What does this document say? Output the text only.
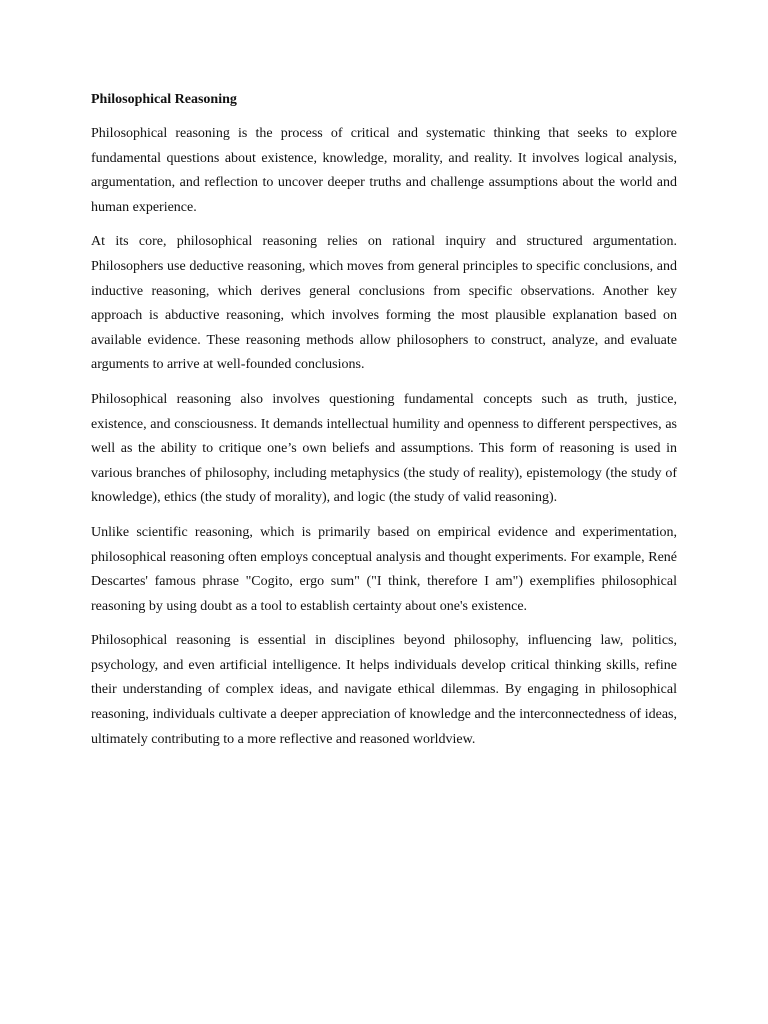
Philosophical Reasoning

Philosophical reasoning is the process of critical and systematic thinking that seeks to explore fundamental questions about existence, knowledge, morality, and reality. It involves logical analysis, argumentation, and reflection to uncover deeper truths and challenge assumptions about the world and human experience.

At its core, philosophical reasoning relies on rational inquiry and structured argumentation. Philosophers use deductive reasoning, which moves from general principles to specific conclusions, and inductive reasoning, which derives general conclusions from specific observations. Another key approach is abductive reasoning, which involves forming the most plausible explanation based on available evidence. These reasoning methods allow philosophers to construct, analyze, and evaluate arguments to arrive at well-founded conclusions.

Philosophical reasoning also involves questioning fundamental concepts such as truth, justice, existence, and consciousness. It demands intellectual humility and openness to different perspectives, as well as the ability to critique one’s own beliefs and assumptions. This form of reasoning is used in various branches of philosophy, including metaphysics (the study of reality), epistemology (the study of knowledge), ethics (the study of morality), and logic (the study of valid reasoning).

Unlike scientific reasoning, which is primarily based on empirical evidence and experimentation, philosophical reasoning often employs conceptual analysis and thought experiments. For example, René Descartes' famous phrase "Cogito, ergo sum" ("I think, therefore I am") exemplifies philosophical reasoning by using doubt as a tool to establish certainty about one's existence.

Philosophical reasoning is essential in disciplines beyond philosophy, influencing law, politics, psychology, and even artificial intelligence. It helps individuals develop critical thinking skills, refine their understanding of complex ideas, and navigate ethical dilemmas. By engaging in philosophical reasoning, individuals cultivate a deeper appreciation of knowledge and the interconnectedness of ideas, ultimately contributing to a more reflective and reasoned worldview.
